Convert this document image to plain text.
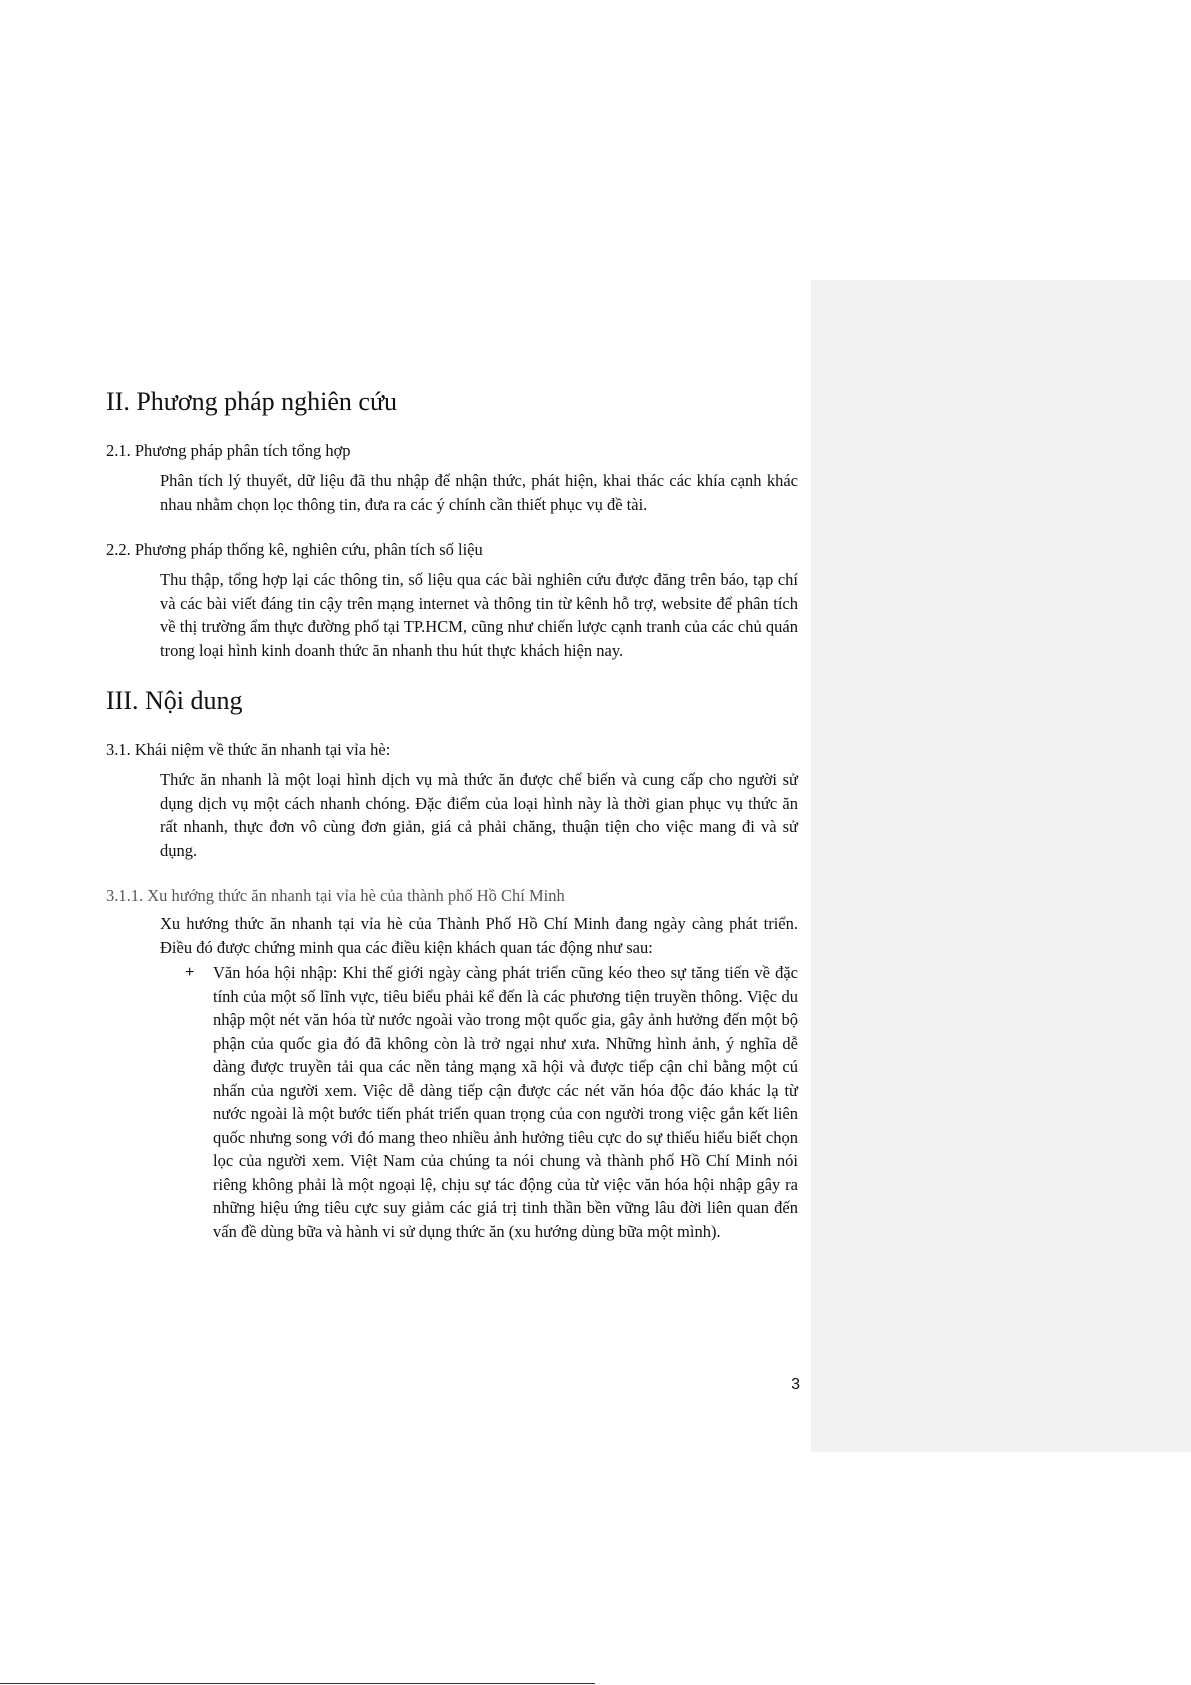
II. Phương pháp nghiên cứu
2.1. Phương pháp phân tích tổng hợp

Phân tích lý thuyết, dữ liệu đã thu nhập để nhận thức, phát hiện, khai thác các khía cạnh khác nhau nhằm chọn lọc thông tin, đưa ra các ý chính cần thiết phục vụ đề tài.

2.2. Phương pháp thống kê, nghiên cứu, phân tích số liệu

Thu thập, tổng hợp lại các thông tin, số liệu qua các bài nghiên cứu được đăng trên báo, tạp chí và các bài viết đáng tin cậy trên mạng internet và thông tin từ kênh hỗ trợ, website để phân tích về thị trường ẩm thực đường phố tại TP.HCM, cũng như chiến lược cạnh tranh của các chủ quán trong loại hình kinh doanh thức ăn nhanh thu hút thực khách hiện nay.

III. Nội dung
3.1. Khái niệm về thức ăn nhanh tại vỉa hè:

Thức ăn nhanh là một loại hình dịch vụ mà thức ăn được chế biến và cung cấp cho người sử dụng dịch vụ một cách nhanh chóng. Đặc điểm của loại hình này là thời gian phục vụ thức ăn rất nhanh, thực đơn vô cùng đơn giản, giá cả phải chăng, thuận tiện cho việc mang đi và sử dụng.

3.1.1. Xu hướng thức ăn nhanh tại vỉa hè của thành phố Hồ Chí Minh

Xu hướng thức ăn nhanh tại vỉa hè của Thành Phố Hồ Chí Minh đang ngày càng phát triển. Điều đó được chứng minh qua các điều kiện khách quan tác động như sau:

+ Văn hóa hội nhập: Khi thế giới ngày càng phát triển cũng kéo theo sự tăng tiến về đặc tính của một số lĩnh vực, tiêu biểu phải kể đến là các phương tiện truyền thông. Việc du nhập một nét văn hóa từ nước ngoài vào trong một quốc gia, gây ảnh hưởng đến một bộ phận của quốc gia đó đã không còn là trở ngại như xưa. Những hình ảnh, ý nghĩa dễ dàng được truyền tải qua các nền tảng mạng xã hội và được tiếp cận chỉ bằng một cú nhấn của người xem. Việc dễ dàng tiếp cận được các nét văn hóa độc đáo khác lạ từ nước ngoài là một bước tiến phát triển quan trọng của con người trong việc gắn kết liên quốc nhưng song với đó mang theo nhiều ảnh hưởng tiêu cực do sự thiếu hiểu biết chọn lọc của người xem. Việt Nam của chúng ta nói chung và thành phố Hồ Chí Minh nói riêng không phải là một ngoại lệ, chịu sự tác động của từ việc văn hóa hội nhập gây ra những hiệu ứng tiêu cực suy giảm các giá trị tinh thần bền vững lâu đời liên quan đến vấn đề dùng bữa và hành vi sử dụng thức ăn (xu hướng dùng bữa một mình).
3
